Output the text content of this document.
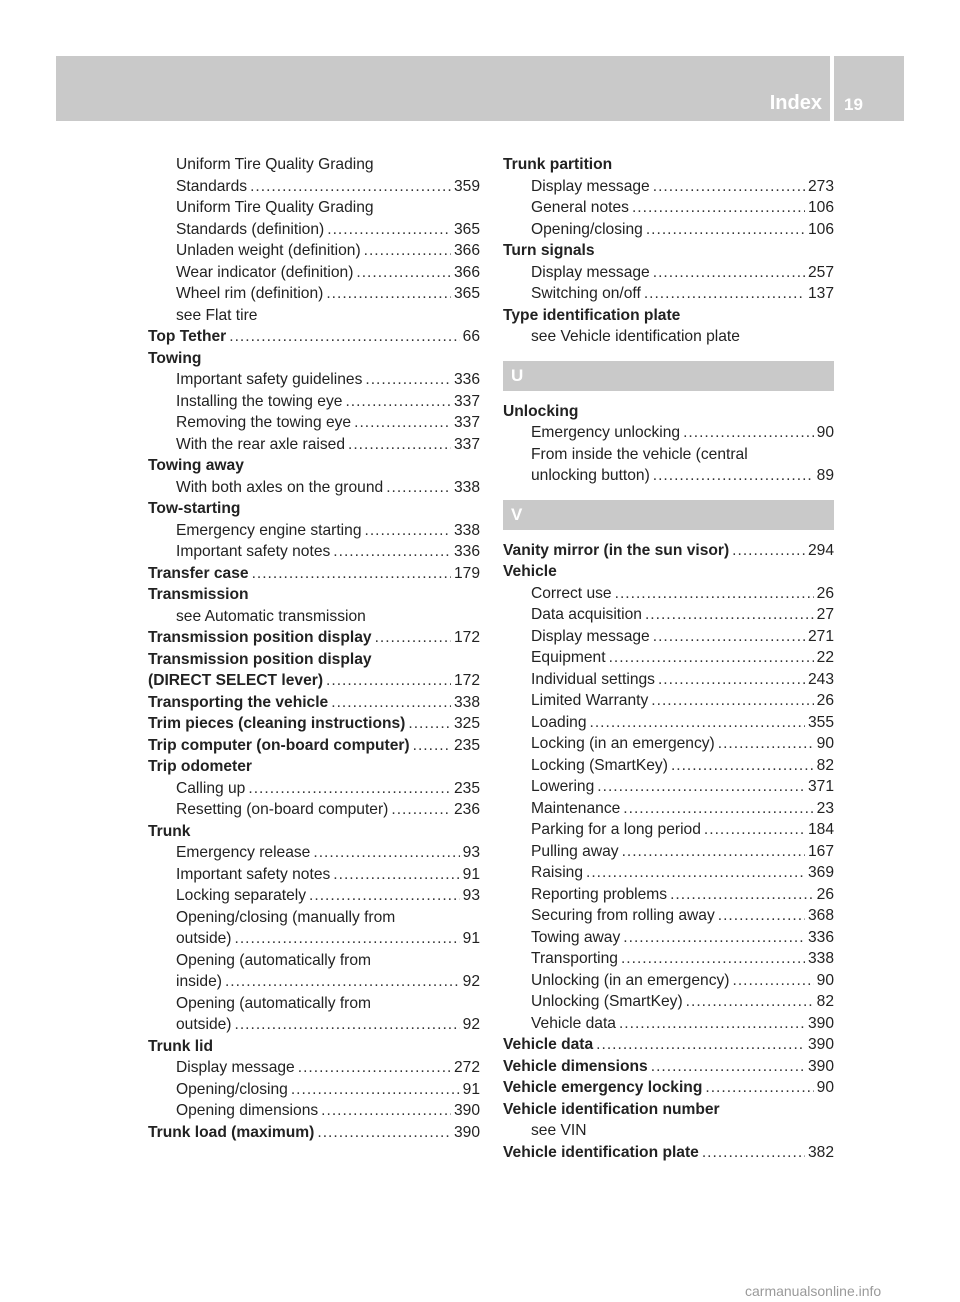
Index 19
Uniform Tire Quality Grading
Standards .....	359
Uniform Tire Quality Grading
Standards (definition) .....	365
Unladen weight (definition) .....	366
Wear indicator (definition) .....	366
Wheel rim (definition) .....	365
see Flat tire
Top Tether .....	66
Towing
Important safety guidelines .....	336
Installing the towing eye .....	337
Removing the towing eye .....	337
With the rear axle raised .....	337
Towing away
With both axles on the ground .....	338
Tow-starting
Emergency engine starting .....	338
Important safety notes .....	336
Transfer case .....	179
Transmission
see Automatic transmission
Transmission position display .....	172
Transmission position display
(DIRECT SELECT lever) .....	172
Transporting the vehicle .....	338
Trim pieces (cleaning instructions) .....	325
Trip computer (on-board computer) .....	235
Trip odometer
Calling up .....	235
Resetting (on-board computer) .....	236
Trunk
Emergency release .....	93
Important safety notes .....	91
Locking separately .....	93
Opening/closing (manually from
outside) .....	91
Opening (automatically from
inside) .....	92
Opening (automatically from
outside) .....	92
Trunk lid
Display message .....	272
Opening/closing .....	91
Opening dimensions .....	390
Trunk load (maximum) .....	390
Trunk partition
Display message .....	273
General notes .....	106
Opening/closing .....	106
Turn signals
Display message .....	257
Switching on/off .....	137
Type identification plate
see Vehicle identification plate
U
Unlocking
Emergency unlocking .....	90
From inside the vehicle (central
unlocking button) .....	89
V
Vanity mirror (in the sun visor) .....	294
Vehicle
Correct use .....	26
Data acquisition .....	27
Display message .....	271
Equipment .....	22
Individual settings .....	243
Limited Warranty .....	26
Loading .....	355
Locking (in an emergency) .....	90
Locking (SmartKey) .....	82
Lowering .....	371
Maintenance .....	23
Parking for a long period .....	184
Pulling away .....	167
Raising .....	369
Reporting problems .....	26
Securing from rolling away .....	368
Towing away .....	336
Transporting .....	338
Unlocking (in an emergency) .....	90
Unlocking (SmartKey) .....	82
Vehicle data .....	390
Vehicle data .....	390
Vehicle dimensions .....	390
Vehicle emergency locking .....	90
Vehicle identification number
see VIN
Vehicle identification plate .....	382
carmanualsonline.info
